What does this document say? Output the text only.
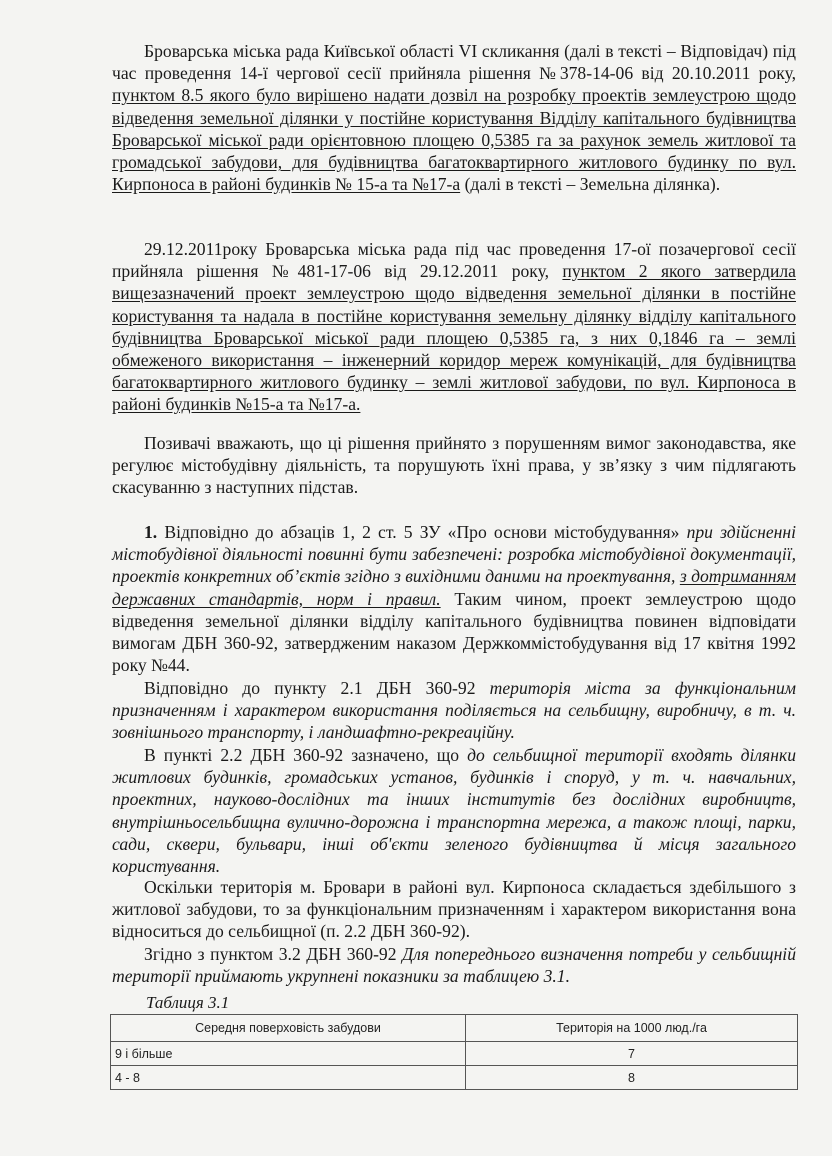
Броварська міська рада Київської області VI скликання (далі в тексті – Відповідач) під час проведення 14-ї чергової сесії прийняла рішення №378-14-06 від 20.10.2011 року, пунктом 8.5 якого було вирішено надати дозвіл на розробку проектів землеустрою щодо відведення земельної ділянки у постійне користування Відділу капітального будівництва Броварської міської ради орієнтовною площею 0,5385 га за рахунок земель житлової та громадської забудови, для будівництва багатоквартирного житлового будинку по вул. Кирпоноса в районі будинків № 15-а та №17-а (далі в тексті – Земельна ділянка).
29.12.2011року Броварська міська рада під час проведення 17-ої позачергової сесії прийняла рішення №481-17-06 від 29.12.2011 року, пунктом 2 якого затвердила вищезазначений проект землеустрою щодо відведення земельної ділянки в постійне користування та надала в постійне користування земельну ділянку відділу капітального будівництва Броварської міської ради площею 0,5385 га, з них 0,1846 га – землі обмеженого використання – інженерний коридор мереж комунікацій, для будівництва багатоквартирного житлового будинку – землі житлової забудови, по вул. Кирпоноса в районі будинків №15-а та №17-а.
Позивачі вважають, що ці рішення прийнято з порушенням вимог законодавства, яке регулює містобудівну діяльність, та порушують їхні права, у зв’язку з чим підлягають скасуванню з наступних підстав.
1. Відповідно до абзаців 1, 2 ст. 5 ЗУ «Про основи містобудування» при здійсненні містобудівної діяльності повинні бути забезпечені: розробка містобудівної документації, проектів конкретних об’єктів згідно з вихідними даними на проектування, з дотриманням державних стандартів, норм і правил. Таким чином, проект землеустрою щодо відведення земельної ділянки відділу капітального будівництва повинен відповідати вимогам ДБН 360-92, затвердженим наказом Держкоммістобудування від 17 квітня 1992 року №44.
Відповідно до пункту 2.1 ДБН 360-92 територія міста за функціональним призначенням і характером використання поділяється на сельбищну, виробничу, в т. ч. зовнішнього транспорту, і ландшафтно-рекреаційну.
В пункті 2.2 ДБН 360-92 зазначено, що до сельбищної території входять ділянки житлових будинків, громадських установ, будинків і споруд, у т. ч. навчальних, проектних, науково-дослідних та інших інститутів без дослідних виробництв, внутрішньосельбищна вулично-дорожна і транспортна мережа, а також площі, парки, сади, сквери, бульвари, інші об'єкти зеленого будівництва й місця загального користування.
Оскільки територія м. Бровари в районі вул. Кирпоноса складається здебільшого з житлової забудови, то за функціональним призначенням і характером використання вона відноситься до сельбищної (п. 2.2 ДБН 360-92).
Згідно з пунктом 3.2 ДБН 360-92 Для попереднього визначення потреби у сельбищній території приймають укрупнені показники за таблицею 3.1.
Таблиця 3.1
Середня поверховість забудови	Територія на 1000 люд./га
9 і більше	7
4 - 8	8
